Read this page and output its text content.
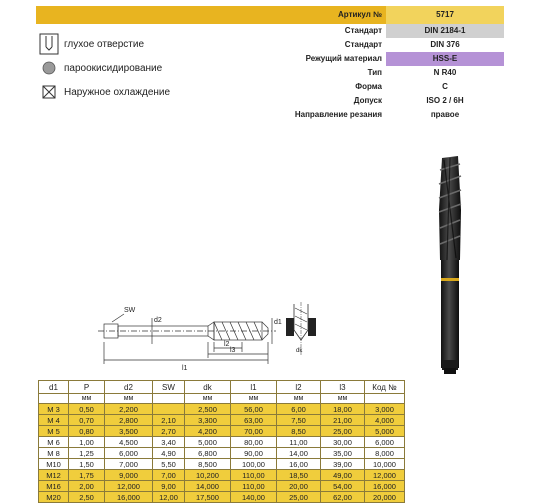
Артикул №	5717
Стандарт	DIN 2184-1
Стандарт	DIN 376
Режущий материал	HSS-E
Тип	N R40
Форма	C
Допуск	ISO 2 / 6H
Направление резания	правое
глухое отверстие
пароокисидирование
Наружное охлаждение
SW
d2
l2
l3
l1
d1
dk
d1	P	d2	SW	dk	l1	l2	l3	Код №
	мм	мм		мм	мм	мм	мм	
M 3	0,50	2,200		2,500	56,00	6,00	18,00	3,000
M 4	0,70	2,800	2,10	3,300	63,00	7,50	21,00	4,000
M 5	0,80	3,500	2,70	4,200	70,00	8,50	25,00	5,000
M 6	1,00	4,500	3,40	5,000	80,00	11,00	30,00	6,000
M 8	1,25	6,000	4,90	6,800	90,00	14,00	35,00	8,000
M10	1,50	7,000	5,50	8,500	100,00	16,00	39,00	10,000
M12	1,75	9,000	7,00	10,200	110,00	18,50	49,00	12,000
M16	2,00	12,000	9,00	14,000	110,00	20,00	54,00	16,000
M20	2,50	16,000	12,00	17,500	140,00	25,00	62,00	20,000
